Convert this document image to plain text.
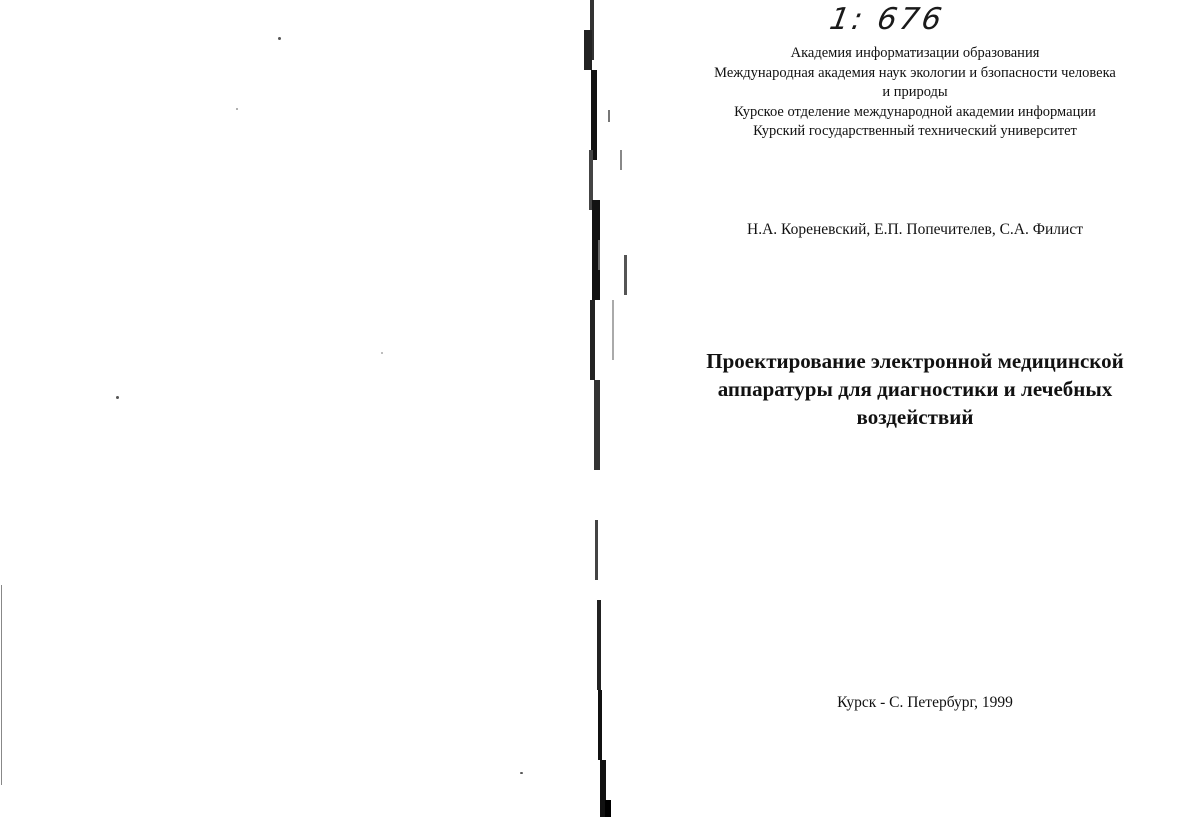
1: 676
Академия информатизации образования
Международная академия наук экологии и бзопасности человека
и природы
Курское отделение международной академии информации
Курский государственный технический университет
Н.А. Кореневский, Е.П. Попечителев, С.А. Филист
Проектирование электронной медицинской
аппаратуры для диагностики и лечебных
воздействий
Курск - С. Петербург, 1999
